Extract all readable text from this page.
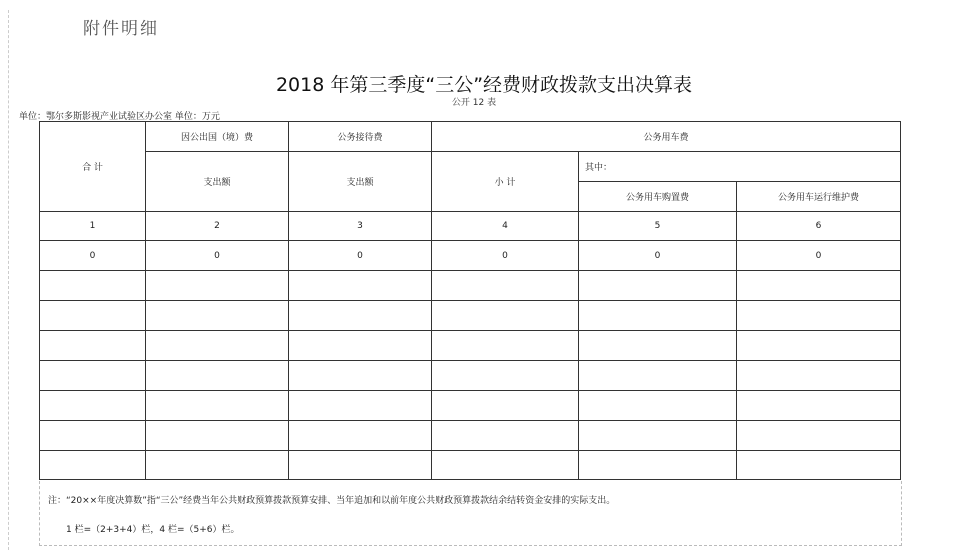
附件明细
2018 年第三季度“三公”经费财政拨款支出决算表
公开 12 表
单位：鄂尔多斯影视产业试验区办公室 单位：万元
合 计	因公出国（境）费	公务接待费	公务用车费		
	支出额	支出额	小 计	其中：	
				公务用车购置费	公务用车运行维护费
1	2	3	4	5	6
0	0	0	0	0	0

注：“20××年度决算数”指“三公”经费当年公共财政预算拨款预算安排、当年追加和以前年度公共财政预算拨款结余结转资金安排的实际支出。
1 栏=（2+3+4）栏，4 栏=（5+6）栏。
